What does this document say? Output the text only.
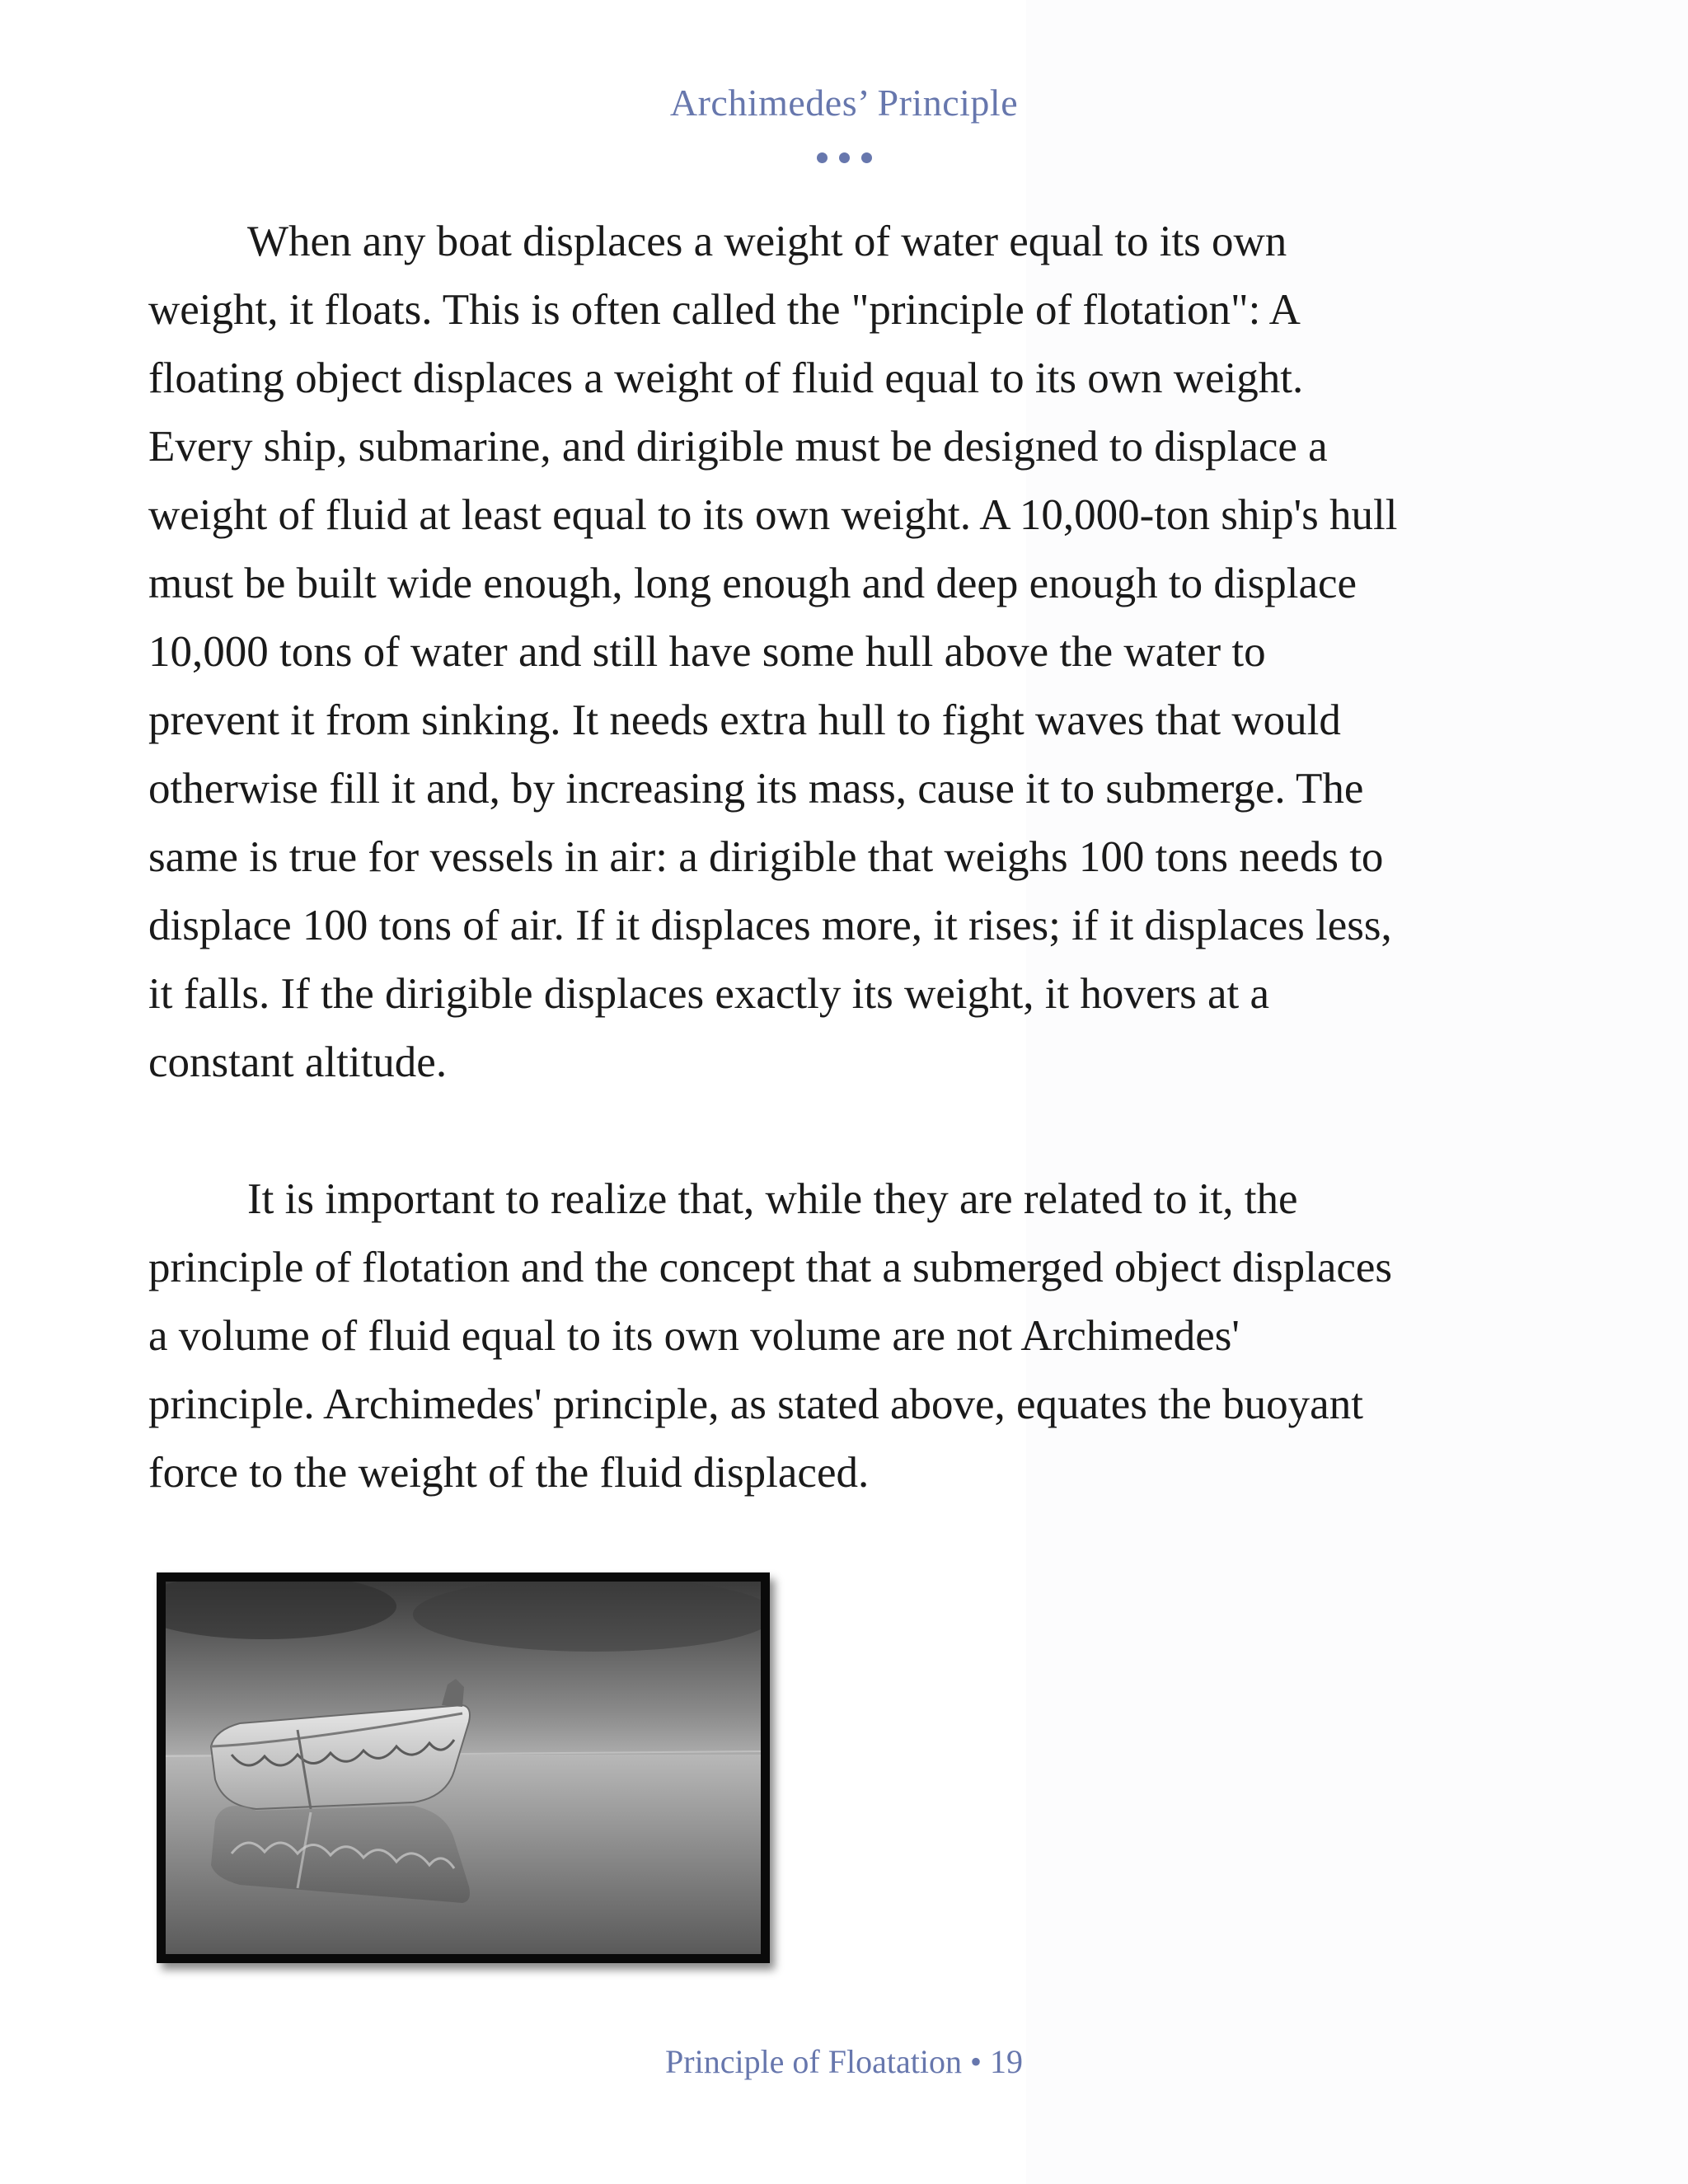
Archimedes’ Principle

When any boat displaces a weight of water equal to its own
weight, it floats. This is often called the "principle of flotation": A
floating object displaces a weight of fluid equal to its own weight.
Every ship, submarine, and dirigible must be designed to displace a
weight of fluid at least equal to its own weight. A 10,000-ton ship's hull
must be built wide enough, long enough and deep enough to displace
10,000 tons of water and still have some hull above the water to
prevent it from sinking. It needs extra hull to fight waves that would
otherwise fill it and, by increasing its mass, cause it to submerge. The
same is true for vessels in air: a dirigible that weighs 100 tons needs to
displace 100 tons of air. If it displaces more, it rises; if it displaces less,
it falls. If the dirigible displaces exactly its weight, it hovers at a
constant altitude.

It is important to realize that, while they are related to it, the
principle of flotation and the concept that a submerged object displaces
a volume of fluid equal to its own volume are not Archimedes'
principle. Archimedes' principle, as stated above, equates the buoyant
force to the weight of the fluid displaced.

Principle of Floatation • 19
